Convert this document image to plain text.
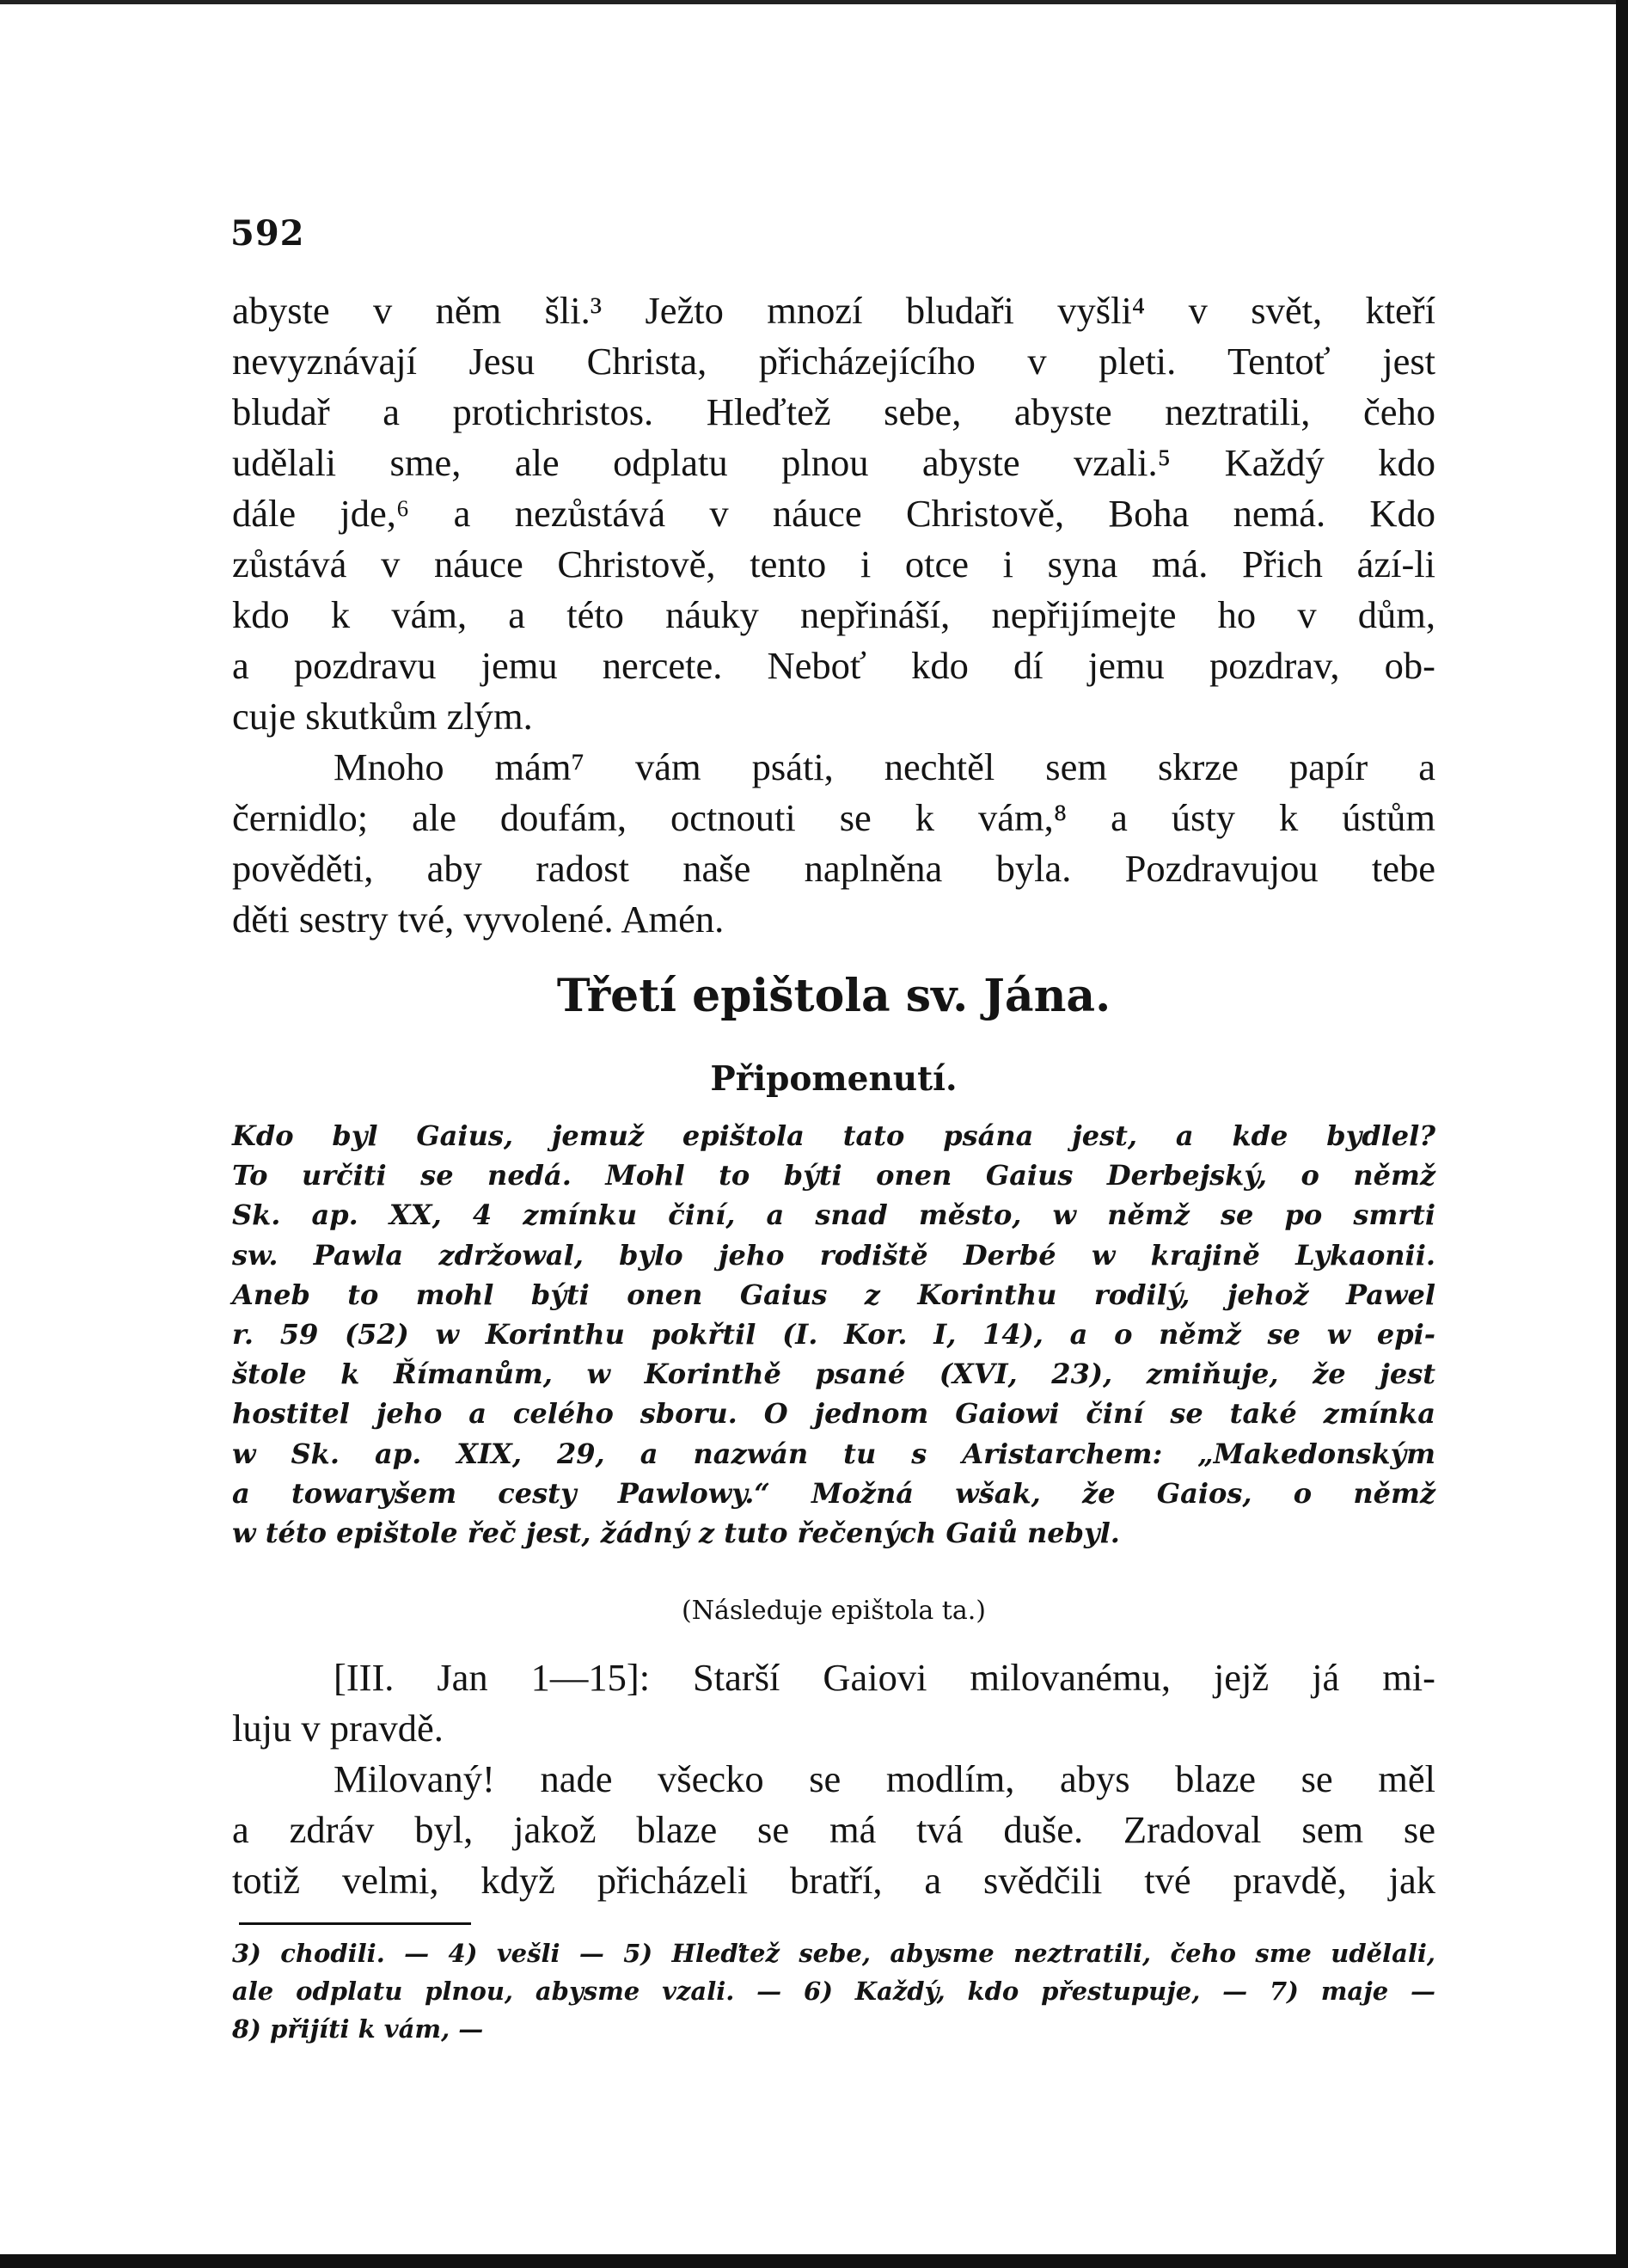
592
abyste v něm šli.³ Ježto mnozí bludaři vyšli⁴ v svět, kteří
nevyznávají Jesu Christa, přicházejícího v pleti. Tentoť jest
bludař a protichristos. Hleďtež sebe, abyste neztratili, čeho
udělali sme, ale odplatu plnou abyste vzali.⁵ Každý kdo
dále jde,⁶ a nezůstává v náuce Christově, Boha nemá. Kdo
zůstává v náuce Christově, tento i otce i syna má. Přich ází-li
kdo k vám, a této náuky nepřináší, nepřijímejte ho v dům,
a pozdravu jemu nercete. Neboť kdo dí jemu pozdrav, ob-
cuje skutkům zlým.
Mnoho mám⁷ vám psáti, nechtěl sem skrze papír a
černidlo; ale doufám, octnouti se k vám,⁸ a ústy k ústům
pověděti, aby radost naše naplněna byla. Pozdravujou tebe
děti sestry tvé, vyvolené. Amén.
Třetí epištola sv. Jána.
Připomenutí.
Kdo byl Gaius, jemuž epištola tato psána jest, a kde bydlel?
To určiti se nedá. Mohl to býti onen Gaius Derbejský, o němž
Sk. ap. XX, 4 zmínku činí, a snad město, w němž se po smrti
sw. Pawla zdržowal, bylo jeho rodiště Derbé w krajině Lykaonii.
Aneb to mohl býti onen Gaius z Korinthu rodilý, jehož Pawel
r. 59 (52) w Korinthu pokřtil (I. Kor. I, 14), a o němž se w epi-
štole k Římanům, w Korinthě psané (XVI, 23), zmiňuje, že jest
hostitel jeho a celého sboru. O jednom Gaiowi činí se také zmínka
w Sk. ap. XIX, 29, a nazwán tu s Aristarchem: „Makedonským
a towaryšem cesty Pawlowy.“ Možná wšak, že Gaios, o němž
w této epištole řeč jest, žádný z tuto řečených Gaiů nebyl.
(Následuje epištola ta.)
[III. Jan 1—15]: Starší Gaiovi milovanému, jejž já mi-
luju v pravdě.
Milovaný! nade všecko se modlím, abys blaze se měl
a zdráv byl, jakož blaze se má tvá duše. Zradoval sem se
totiž velmi, když přicházeli bratří, a svědčili tvé pravdě, jak
3) chodili. — 4) vešli — 5) Hleďtež sebe, abysme neztratili, čeho sme udělali,
ale odplatu plnou, abysme vzali. — 6) Každý, kdo přestupuje, — 7) maje —
8) přijíti k vám, —
